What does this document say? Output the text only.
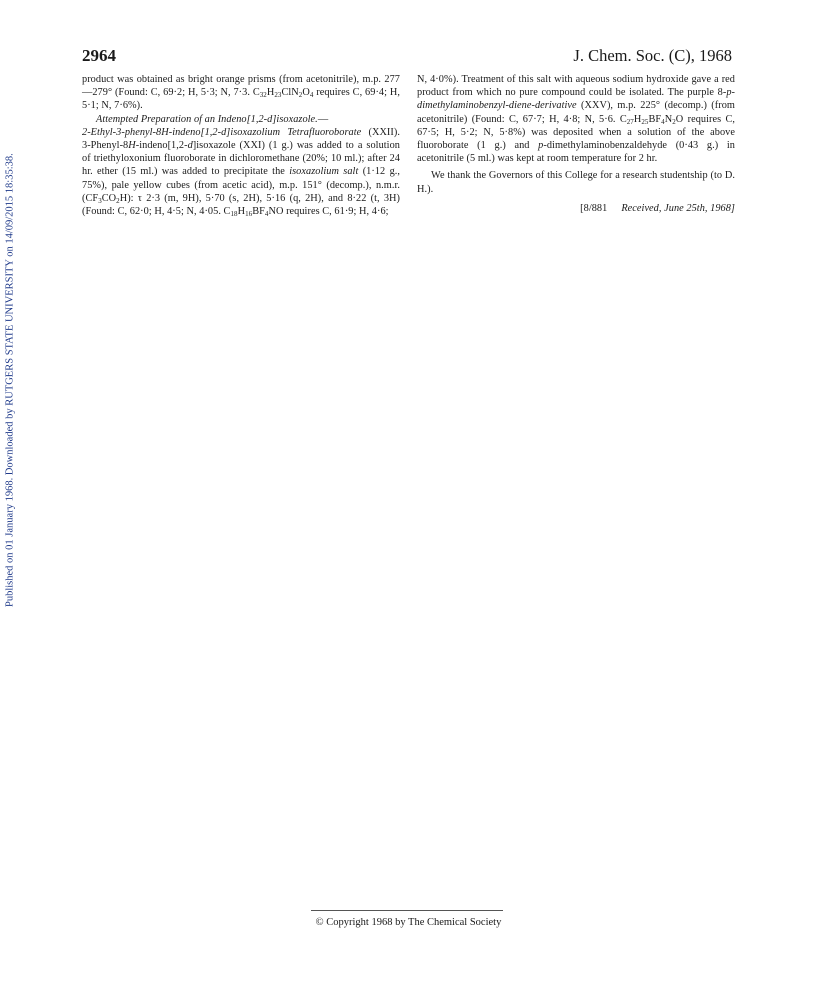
Published on 01 January 1968. Downloaded by RUTGERS STATE UNIVERSITY on 14/09/2015 18:35:38.
2964	J. Chem. Soc. (C), 1968

product was obtained as bright orange prisms (from acetonitrile), m.p. 277—279° (Found: C, 69·2; H, 5·3; N, 7·3. $C_{32}H_{23}ClN_2O_4$ requires C, 69·4; H, 5·1; N, 7·6%).

Attempted Preparation of an Indeno[1,2-d]isoxazole.—

2-Ethyl-3-phenyl-8H-indeno[1,2-d]isoxazolium Tetrafluoroborate (XXII). 3-Phenyl-8H-indeno[1,2-d]isoxazole (XXI) (1 g.) was added to a solution of triethyloxonium fluoroborate in dichloromethane (20%; 10 ml.); after 24 hr. ether (15 ml.) was added to precipitate the isoxazolium salt (1·12 g., 75%), pale yellow cubes (from acetic acid), m.p. 151° (decomp.), n.m.r. $(CF_3CO_2H)$: τ 2·3 (m, 9H), 5·70 (s, 2H), 5·16 (q, 2H), and 8·22 (t, 3H) (Found: C, 62·0; H, 4·5; N, 4·05. $C_{18}H_{16}BF_4NO$ requires C, 61·9; H, 4·6;

N, 4·0%). Treatment of this salt with aqueous sodium hydroxide gave a red product from which no pure compound could be isolated. The purple 8-p-dimethylaminobenzyl-diene-derivative (XXV), m.p. 225° (decomp.) (from acetonitrile) (Found: C, 67·7; H, 4·8; N, 5·6. $C_{27}H_{25}BF_4N_2O$ requires C, 67·5; H, 5·2; N, 5·8%) was deposited when a solution of the above fluoroborate (1 g.) and p-dimethylaminobenzaldehyde (0·43 g.) in acetonitrile (5 ml.) was kept at room temperature for 2 hr.

We thank the Governors of this College for a research studentship (to D. H.).

[8/881 Received, June 25th, 1968]
© Copyright 1968 by The Chemical Society
